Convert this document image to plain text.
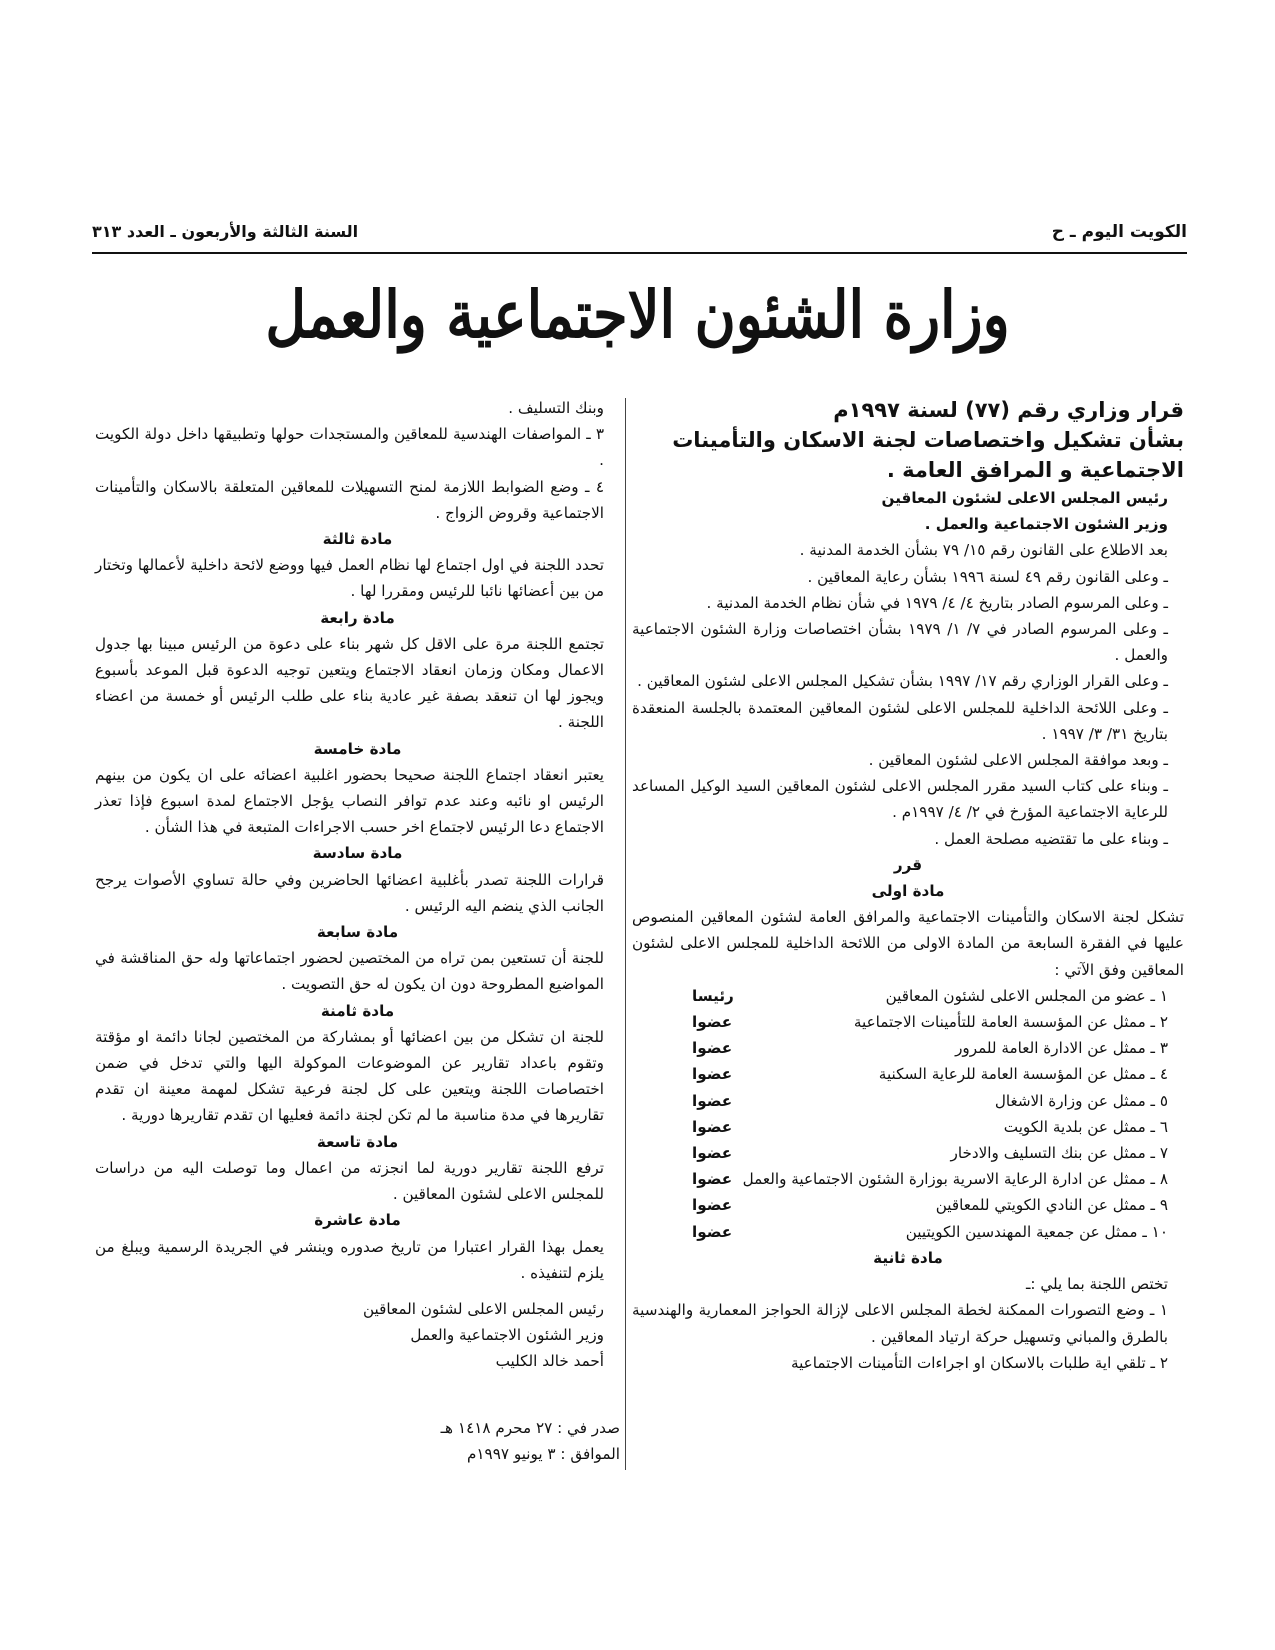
الكويت اليوم ـ ح
السنة الثالثة والأربعون ـ العدد ٣١٣
وزارة الشئون الاجتماعية والعمل
قرار وزاري رقم (٧٧) لسنة ١٩٩٧م
بشأن تشكيل واختصاصات لجنة الاسكان والتأمينات الاجتماعية و المرافق العامة .
رئيس المجلس الاعلى لشئون المعاقين
وزير الشئون الاجتماعية والعمل .
بعد الاطلاع على القانون رقم ١٥/ ٧٩ بشأن الخدمة المدنية .
ـ وعلى القانون رقم ٤٩ لسنة ١٩٩٦ بشأن رعاية المعاقين .
ـ وعلى المرسوم الصادر بتاريخ ٤/ ٤/ ١٩٧٩ في شأن نظام الخدمة المدنية .
ـ وعلى المرسوم الصادر في ٧/ ١/ ١٩٧٩ بشأن اختصاصات وزارة الشئون الاجتماعية والعمل .
ـ وعلى القرار الوزاري رقم ١٧/ ١٩٩٧ بشأن تشكيل المجلس الاعلى لشئون المعاقين .
ـ وعلى اللائحة الداخلية للمجلس الاعلى لشئون المعاقين المعتمدة بالجلسة المنعقدة بتاريخ ٣١/ ٣/ ١٩٩٧ .
ـ وبعد موافقة المجلس الاعلى لشئون المعاقين .
ـ وبناء على كتاب السيد مقرر المجلس الاعلى لشئون المعاقين السيد الوكيل المساعد للرعاية الاجتماعية المؤرخ في ٢/ ٤/ ١٩٩٧م .
ـ وبناء على ما تقتضيه مصلحة العمل .
قرر
مادة اولى
تشكل لجنة الاسكان والتأمينات الاجتماعية والمرافق العامة لشئون المعاقين المنصوص عليها في الفقرة السابعة من المادة الاولى من اللائحة الداخلية للمجلس الاعلى لشئون المعاقين وفق الآتي :
١ ـ عضو من المجلس الاعلى لشئون المعاقين
رئيسا
٢ ـ ممثل عن المؤسسة العامة للتأمينات الاجتماعية
عضوا
٣ ـ ممثل عن الادارة العامة للمرور
عضوا
٤ ـ ممثل عن المؤسسة العامة للرعاية السكنية
عضوا
٥ ـ ممثل عن وزارة الاشغال
عضوا
٦ ـ ممثل عن بلدية الكويت
عضوا
٧ ـ ممثل عن بنك التسليف والادخار
عضوا
٨ ـ ممثل عن ادارة الرعاية الاسرية بوزارة الشئون الاجتماعية والعمل
عضوا
٩ ـ ممثل عن النادي الكويتي للمعاقين
عضوا
١٠ ـ ممثل عن جمعية المهندسين الكويتيين
عضوا
مادة ثانية
تختص اللجنة بما يلي :ـ
١ ـ وضع التصورات الممكنة لخطة المجلس الاعلى لإزالة الحواجز المعمارية والهندسية بالطرق والمباني وتسهيل حركة ارتياد المعاقين .
٢ ـ تلقي اية طلبات بالاسكان او اجراءات التأمينات الاجتماعية
وبنك التسليف .
٣ ـ المواصفات الهندسية للمعاقين والمستجدات حولها وتطبيقها داخل دولة الكويت .
٤ ـ وضع الضوابط اللازمة لمنح التسهيلات للمعاقين المتعلقة بالاسكان والتأمينات الاجتماعية وقروض الزواج .
مادة ثالثة
تحدد اللجنة في اول اجتماع لها نظام العمل فيها ووضع لائحة داخلية لأعمالها وتختار من بين أعضائها نائبا للرئيس ومقررا لها .
مادة رابعة
تجتمع اللجنة مرة على الاقل كل شهر بناء على دعوة من الرئيس مبينا بها جدول الاعمال ومكان وزمان انعقاد الاجتماع ويتعين توجيه الدعوة قبل الموعد بأسبوع ويجوز لها ان تنعقد بصفة غير عادية بناء على طلب الرئيس أو خمسة من اعضاء اللجنة .
مادة خامسة
يعتبر انعقاد اجتماع اللجنة صحيحا بحضور اغلبية اعضائه على ان يكون من بينهم الرئيس او نائبه وعند عدم توافر النصاب يؤجل الاجتماع لمدة اسبوع فإذا تعذر الاجتماع دعا الرئيس لاجتماع اخر حسب الاجراءات المتبعة في هذا الشأن .
مادة سادسة
قرارات اللجنة تصدر بأغلبية اعضائها الحاضرين وفي حالة تساوي الأصوات يرجح الجانب الذي ينضم اليه الرئيس .
مادة سابعة
للجنة أن تستعين بمن تراه من المختصين لحضور اجتماعاتها وله حق المناقشة في المواضيع المطروحة دون ان يكون له حق التصويت .
مادة ثامنة
للجنة ان تشكل من بين اعضائها أو بمشاركة من المختصين لجانا دائمة او مؤقتة وتقوم باعداد تقارير عن الموضوعات الموكولة اليها والتي تدخل في ضمن اختصاصات اللجنة ويتعين على كل لجنة فرعية تشكل لمهمة معينة ان تقدم تقاريرها في مدة مناسبة ما لم تكن لجنة دائمة فعليها ان تقدم تقاريرها دورية .
مادة تاسعة
ترفع اللجنة تقارير دورية لما انجزته من اعمال وما توصلت اليه من دراسات للمجلس الاعلى لشئون المعاقين .
مادة عاشرة
يعمل بهذا القرار اعتبارا من تاريخ صدوره وينشر في الجريدة الرسمية ويبلغ من يلزم لتنفيذه .
رئيس المجلس الاعلى لشئون المعاقين
وزير الشئون الاجتماعية والعمل
أحمد خالد الكليب
صدر في : ٢٧ محرم ١٤١٨ هـ
الموافق : ٣ يونيو ١٩٩٧م
